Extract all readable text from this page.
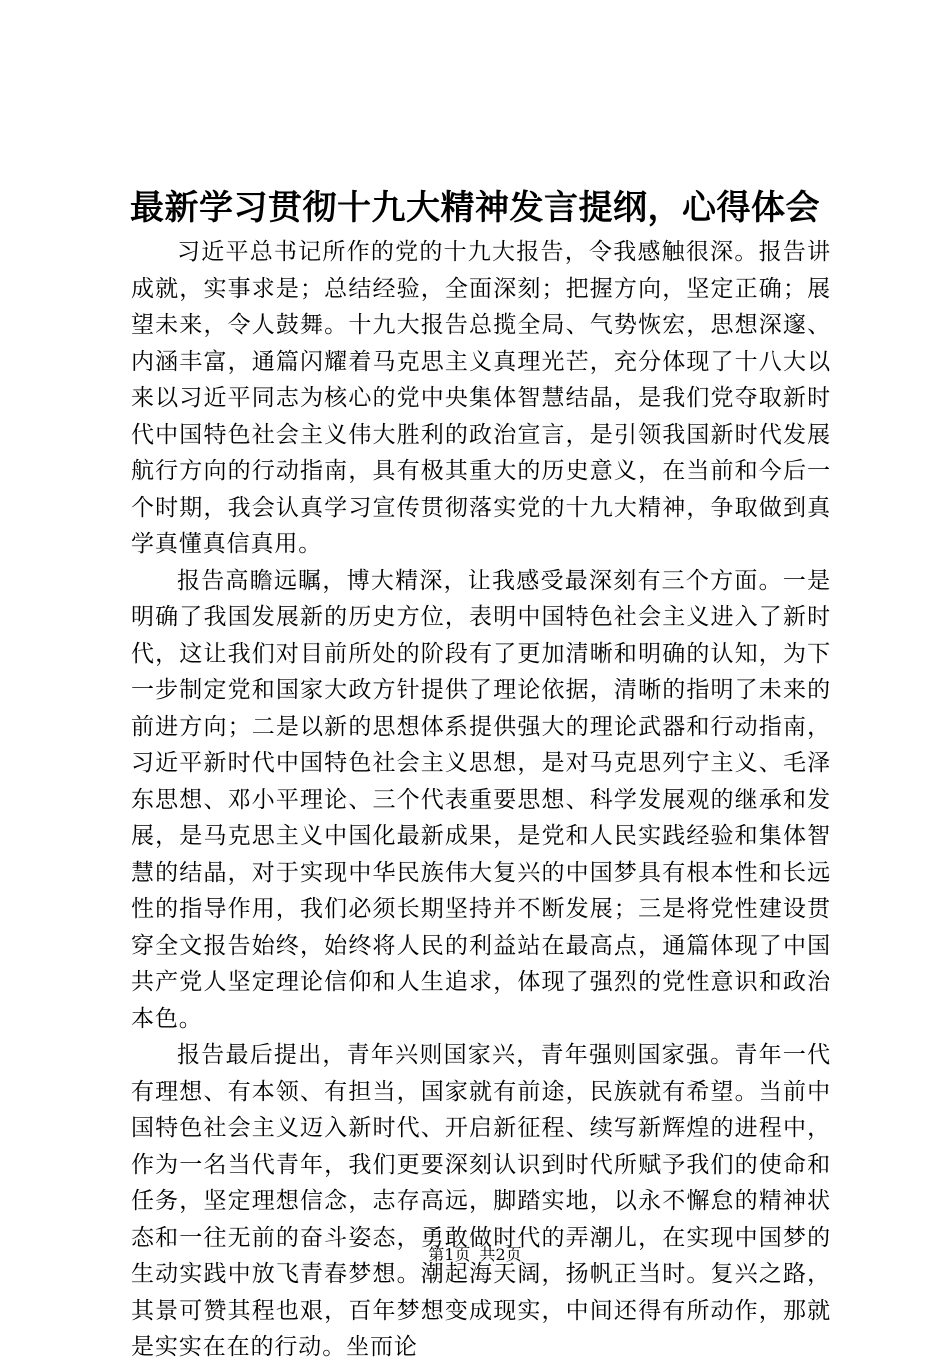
最新学习贯彻十九大精神发言提纲，心得体会

习近平总书记所作的党的十九大报告，令我感触很深。报告讲成就，实事求是；总结经验，全面深刻；把握方向，坚定正确；展望未来，令人鼓舞。十九大报告总揽全局、气势恢宏，思想深邃、内涵丰富，通篇闪耀着马克思主义真理光芒，充分体现了十八大以来以习近平同志为核心的党中央集体智慧结晶，是我们党夺取新时代中国特色社会主义伟大胜利的政治宣言，是引领我国新时代发展航行方向的行动指南，具有极其重大的历史意义，在当前和今后一个时期，我会认真学习宣传贯彻落实党的十九大精神，争取做到真学真懂真信真用。

报告高瞻远瞩，博大精深，让我感受最深刻有三个方面。一是明确了我国发展新的历史方位，表明中国特色社会主义进入了新时代，这让我们对目前所处的阶段有了更加清晰和明确的认知，为下一步制定党和国家大政方针提供了理论依据，清晰的指明了未来的前进方向；二是以新的思想体系提供强大的理论武器和行动指南，习近平新时代中国特色社会主义思想，是对马克思列宁主义、毛泽东思想、邓小平理论、三个代表重要思想、科学发展观的继承和发展，是马克思主义中国化最新成果，是党和人民实践经验和集体智慧的结晶，对于实现中华民族伟大复兴的中国梦具有根本性和长远性的指导作用，我们必须长期坚持并不断发展；三是将党性建设贯穿全文报告始终，始终将人民的利益站在最高点，通篇体现了中国共产党人坚定理论信仰和人生追求，体现了强烈的党性意识和政治本色。

报告最后提出，青年兴则国家兴，青年强则国家强。青年一代有理想、有本领、有担当，国家就有前途，民族就有希望。当前中国特色社会主义迈入新时代、开启新征程、续写新辉煌的进程中，作为一名当代青年，我们更要深刻认识到时代所赋予我们的使命和任务，坚定理想信念，志存高远，脚踏实地，以永不懈怠的精神状态和一往无前的奋斗姿态，勇敢做时代的弄潮儿，在实现中国梦的生动实践中放飞青春梦想。潮起海天阔，扬帆正当时。复兴之路，其景可赞其程也艰，百年梦想变成现实，中间还得有所动作，那就是实实在在的行动。坐而论

第1页 共2页
